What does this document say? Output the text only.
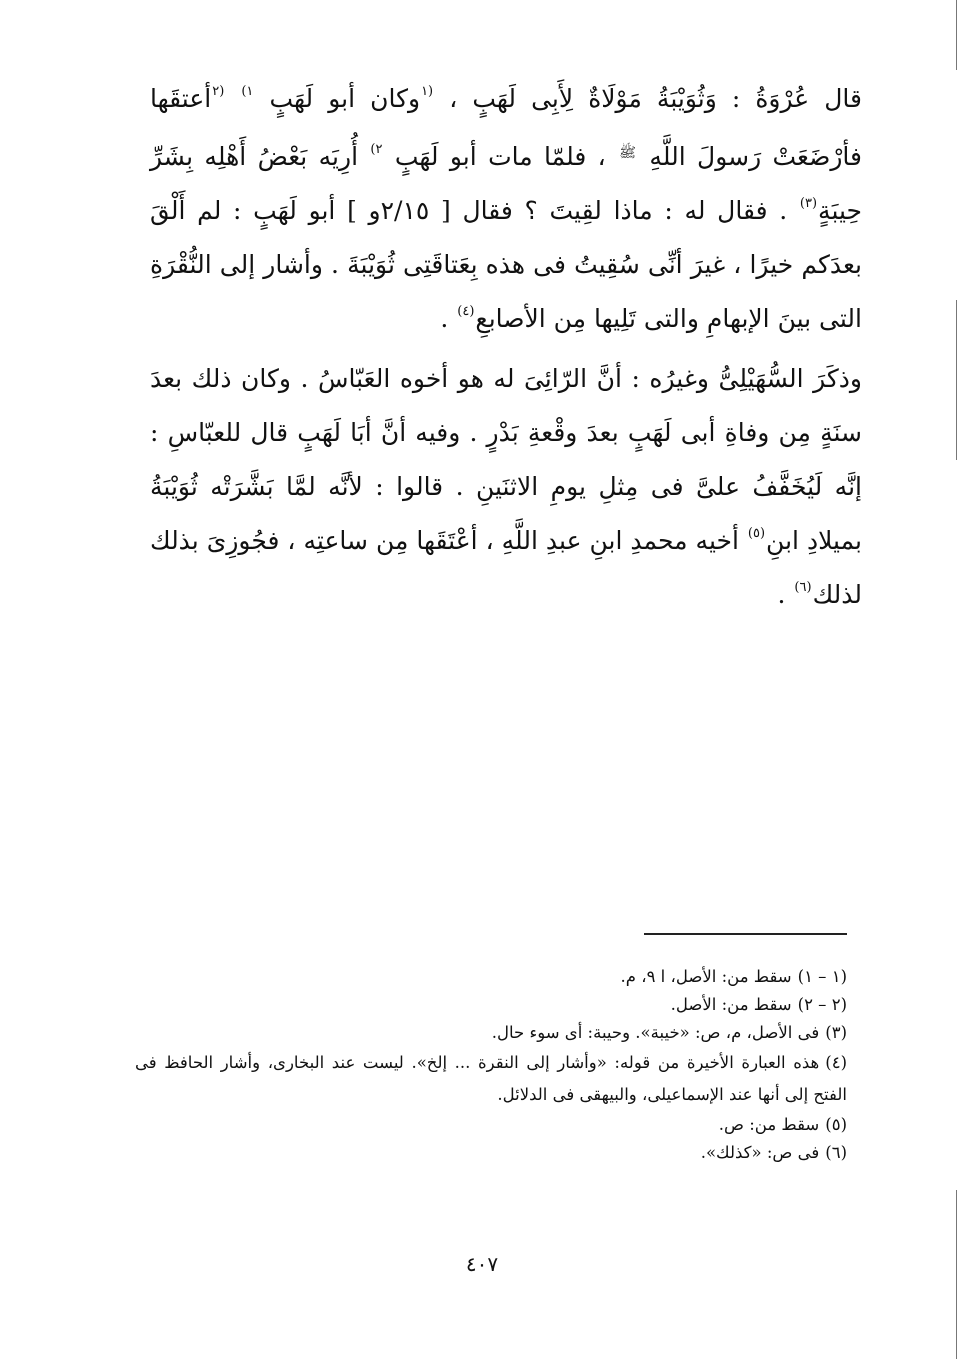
قال عُرْوَةُ : وَثُوَيْبَةُ مَوْلَاةٌ لِأَبِى لَهَبٍ ، $^{(١}$وكان أبو لَهَبٍ $^{١)}$ $^{(٢}$أعتقَها فأرْضَعَتْ رَسولَ اللَّهِ $^ﷺ$ ، فلمّا مات أبو لَهَبٍ $^{٢)}$ أُرِيَه بَعْضُ أَهْلِه بِشَرِّ حِيبَةٍ$^{(٣)}$ . فقال له : ماذا لقِيتَ ؟ فقال [ ٢/١٥و ] أبو لَهَبٍ : لم أَلْقَ بعدَكم خيرًا ، غيرَ أنِّى سُقِيتُ فى هذه بِعَتاقَتِى ثُوَيْبَةَ . وأشار إلى النُّقْرَةِ التى بينَ الإبهامِ والتى تَلِيها مِن الأصابعِ$^{(٤)}$ .

وذكَرَ السُّهَيْلِىُّ وغيرُه : أنَّ الرّائِىَ له هو أخوه العَبّاسُ . وكان ذلك بعدَ سنَةٍ مِن وفاةِ أبى لَهَبٍ بعدَ وقْعةِ بَدْرٍ . وفيه أنَّ أبَا لَهَبٍ قال للعبّاسِ : إنَّه لَيُخَفَّفُ علىَّ فى مِثلِ يومِ الاثنَينِ . قالوا : لأنَّه لمَّا بَشَّرَتْه ثُوَيْبَةُ بميلادِ ابنِ$^{(٥)}$ أخيه محمدِ ابنِ عبدِ اللَّهِ ، أعْتَقَها مِن ساعتِه ، فجُوزِىَ بذلك لذلك$^{(٦)}$ .

(١ – ١)سقط من: الأصل، ا ٩، م.

(٢ – ٢)سقط من: الأصل.

(٣)فى الأصل، م، ص: «خيبة». وحيبة: أى سوء حال.

(٤)هذه العبارة الأخيرة من قوله: «وأشار إلى النقرة ... إلخ». ليست عند البخارى، وأشار الحافظ فى الفتح إلى أنها عند الإسماعيلى، والبيهقى فى الدلائل.

(٥)سقط من: ص.

(٦)فى ص: «كذلك».

٤٠٧
